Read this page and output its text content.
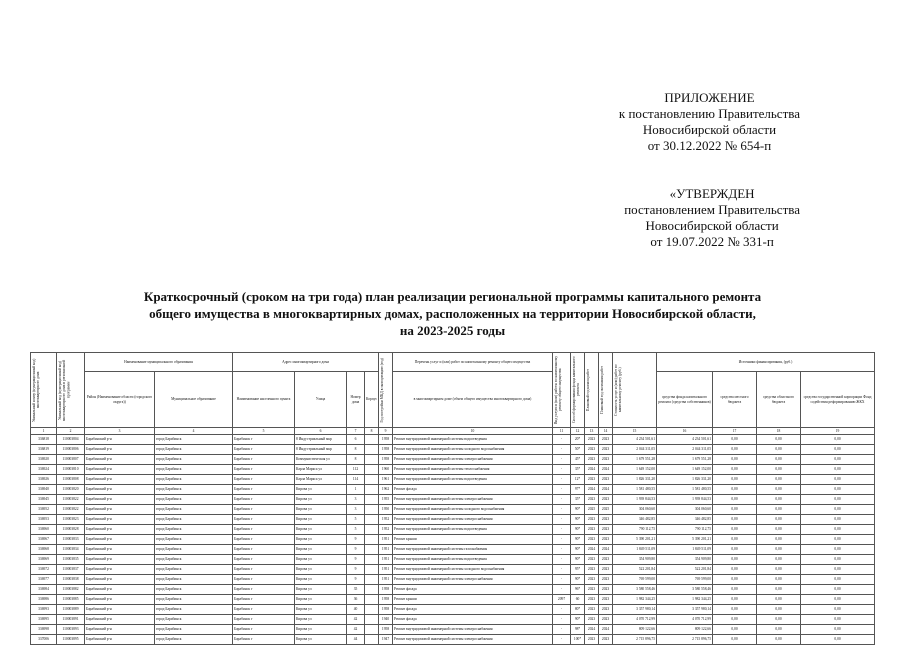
ПРИЛОЖЕНИЕ
к постановлению Правительства
Новосибирской области
от 30.12.2022 № 654-п
«УТВЕРЖДЕН
постановлением Правительства
Новосибирской области
от 19.07.2022 № 331-п
Краткосрочный (сроком на три года) план реализации региональной программы капитального ремонта
общего имущества в многоквартирных домах, расположенных на территории Новосибирской области,
на 2023-2025 годы
Уникальный номер (нумерационный код) многоквартирного дома	Уникальный код (нумерационный код) многоквартирного дома в региональной программе	Наименование муниципального образования		Адрес многоквартирного дома				Год постройки МКД в эксплуатацию (год)	Перечень услуг и (или) работ по капитальному ремонту общего имущества	Вид услуги и (или) работы по капитальному ремонту общего имущества	Способ формирования фонда капитального ремонта	Плановый год начала работ	Плановый год окончания работ	Стоимость услуг и (или) работ по капитальному ремонту (руб.)	Источники финансирования, (руб.)			
		Район (Наименование области (городского округа))	Муниципальное образование	Наименование населенного пункта	Улица	Номер дома	Корпус		в многоквартирном доме (объем общего имущества многоквартирного дома)						средства фонда капитального ремонта (средства собственников)	средства местного бюджета	средства областного бюджета	средства государственной корпорации Фонд содействия реформированию ЖКХ
1	2	3	4	5	6	7	8	9	10	11	12	13	14	15	16	17	18	19
336818	110003804	Барабинский р-н	город Барабинск	Барабинск г	8 Индустриальный мкр	6		1958	Ремонт внутридомовой инженерной системы водоотведения	-	20*	2023	2023	4 234 501,61	4 234 501,61	0,00	0,00	0,00
336819	110003806	Барабинский р-н	город Барабинск	Барабинск г	8 Индустриальный мкр	8		1958	Ремонт внутридомовой инженерной системы холодного водоснабжения	-	50*	2023	2023	2 044 311,05	2 044 311,05	0,00	0,00	0,00
336920	110003807	Барабинский р-н	город Барабинск	Барабинск г	Коммунистическая ул	8		1958	Ремонт внутридомовой инженерной системы электроснабжения	-	45*	2023	2023	1 679 551,28	1 679 551,28	0,00	0,00	0,00
336924	110003810	Барабинский р-н	город Барабинск	Барабинск г	Карла Маркса ул	112		1960	Ремонт внутридомовой инженерной системы теплоснабжения	-	35*	2024	2024	1 649 152,00	1 649 152,00	0,00	0,00	0,00
336926	110003808	Барабинский р-н	город Барабинск	Барабинск г	Карла Маркса ул	114		1961	Ремонт внутридомовой инженерной системы водоотведения	-	12*	2023	2023	1 826 331,20	1 826 331,20	0,00	0,00	0,00
336940	110003820	Барабинский р-н	город Барабинск	Барабинск г	Кирова ул	1		1962	Ремонт фасада	-	97*	2024	2024	1 581 480,55	1 581 480,55	0,00	0,00	0,00
336945	110003822	Барабинский р-н	город Барабинск	Барабинск г	Кирова ул	3		1955	Ремонт внутридомовой инженерной системы электроснабжения	-	35*	2023	2023	1 939 844,53	1 939 844,53	0,00	0,00	0,00
336952	110003822	Барабинский р-н	город Барабинск	Барабинск г	Кирова ул	3		1950	Ремонт внутридомовой инженерной системы холодного водоснабжения	-	90*	2025	2025	304 060,60	304 060,60	0,00	0,00	0,00
336953	110003823	Барабинский р-н	город Барабинск	Барабинск г	Кирова ул	5		1952	Ремонт внутридомовой инженерной системы электроснабжения	-	90*	2023	2023	346 482,85	346 482,85	0,00	0,00	0,00
336960	110003828	Барабинский р-н	город Барабинск	Барабинск г	Кирова ул	5		1952	Ремонт внутридомовой инженерной системы водоотведения	-	90*	2023	2023	790 112,75	790 112,75	0,00	0,00	0,00
336967	110003833	Барабинский р-н	город Барабинск	Барабинск г	Кирова ул	9		1951	Ремонт крыши	-	90*	2023	2023	5 390 201,21	5 390 201,21	0,00	0,00	0,00
336968	110003834	Барабинский р-н	город Барабинск	Барабинск г	Кирова ул	9		1951	Ремонт внутридомовой инженерной системы газоснабжения	-	90*	2024	2024	1 849 511,09	1 849 511,09	0,00	0,00	0,00
336969	110003835	Барабинский р-н	город Барабинск	Барабинск г	Кирова ул	9		1951	Ремонт внутридомовой инженерной системы водоотведения	-	90*	2023	2023	354 909,80	354 909,80	0,00	0,00	0,00
336972	110003837	Барабинский р-н	город Барабинск	Барабинск г	Кирова ул	9		1951	Ремонт внутридомовой инженерной системы холодного водоснабжения	-	95*	2023	2023	522 201,84	522 201,84	0,00	0,00	0,00
336977	110003838	Барабинский р-н	город Барабинск	Барабинск г	Кирова ул	9		1951	Ремонт внутридомовой инженерной системы электроснабжения	-	90*	2023	2023	769 599,00	769 599,00	0,00	0,00	0,00
336984	110003882	Барабинский р-н	город Барабинск	Барабинск г	Кирова ул	35		1958	Ремонт фасада	-	96*	2023	2023	3 580 558,46	3 580 558,46	0,00	0,00	0,00
336986	110003885	Барабинский р-н	город Барабинск	Барабинск г	Кирова ул	36		1958	Ремонт крыши	2097	60	2023	2023	1 982 344,25	1 982 344,25	0,00	0,00	0,00
336993	110003889	Барабинский р-н	город Барабинск	Барабинск г	Кирова ул	40		1958	Ремонт фасада	-	80*	2023	2023	3 357 980,14	3 357 980,14	0,00	0,00	0,00
336995	110003891	Барабинский р-н	город Барабинск	Барабинск г	Кирова ул	42		1940	Ремонт фасада	-	90*	2023	2023	4 070 712,99	4 070 712,99	0,00	0,00	0,00
336998	110003893	Барабинский р-н	город Барабинск	Барабинск г	Кирова ул	42		1958	Ремонт внутридомовой инженерной системы электроснабжения	-	98*	2024	2024	809 122,66	809 122,66	0,00	0,00	0,00
337006	110003895	Барабинский р-н	город Барабинск	Барабинск г	Кирова ул	44		1947	Ремонт внутридомовой инженерной системы электроснабжения	-	100*	2023	2023	2 715 896,75	2 715 896,75	0,00	0,00	0,00
